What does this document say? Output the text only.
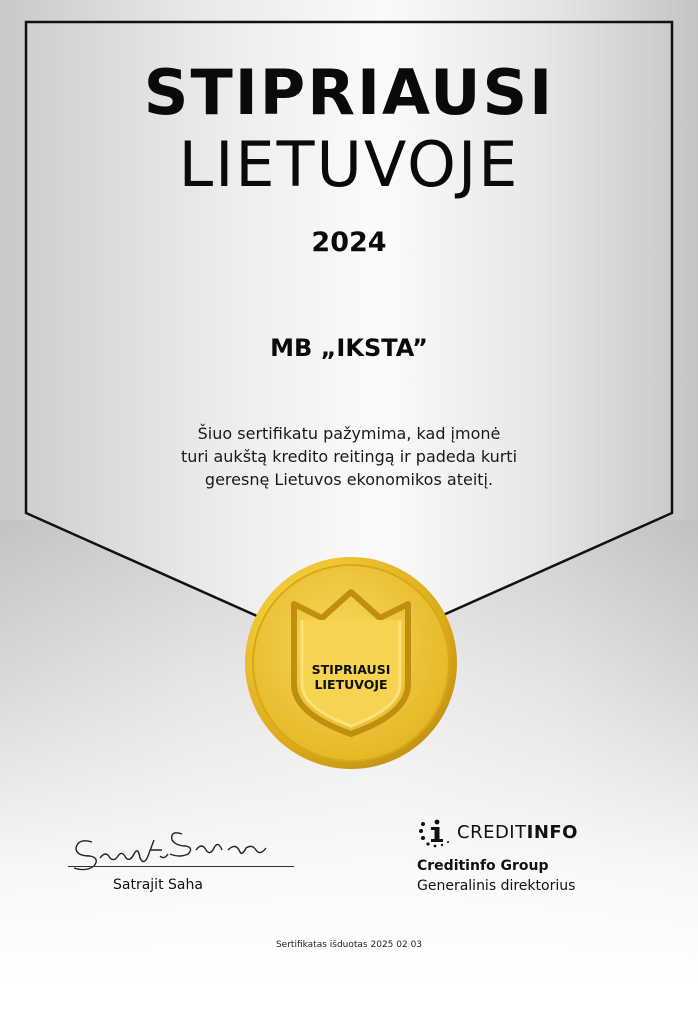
STIPRIAUSI
LIETUVOJE
2024
MB „IKSTA”
Šiuo sertifikatu pažymima, kad įmonė
turi aukštą kredito reitingą ir padeda kurti
geresnę Lietuvos ekonomikos ateitį.
STIPRIAUSI
LIETUVOJE
Satrajit Saha
CREDITINFO
Creditinfo Group
Generalinis direktorius
Sertifikatas išduotas 2025 02 03
